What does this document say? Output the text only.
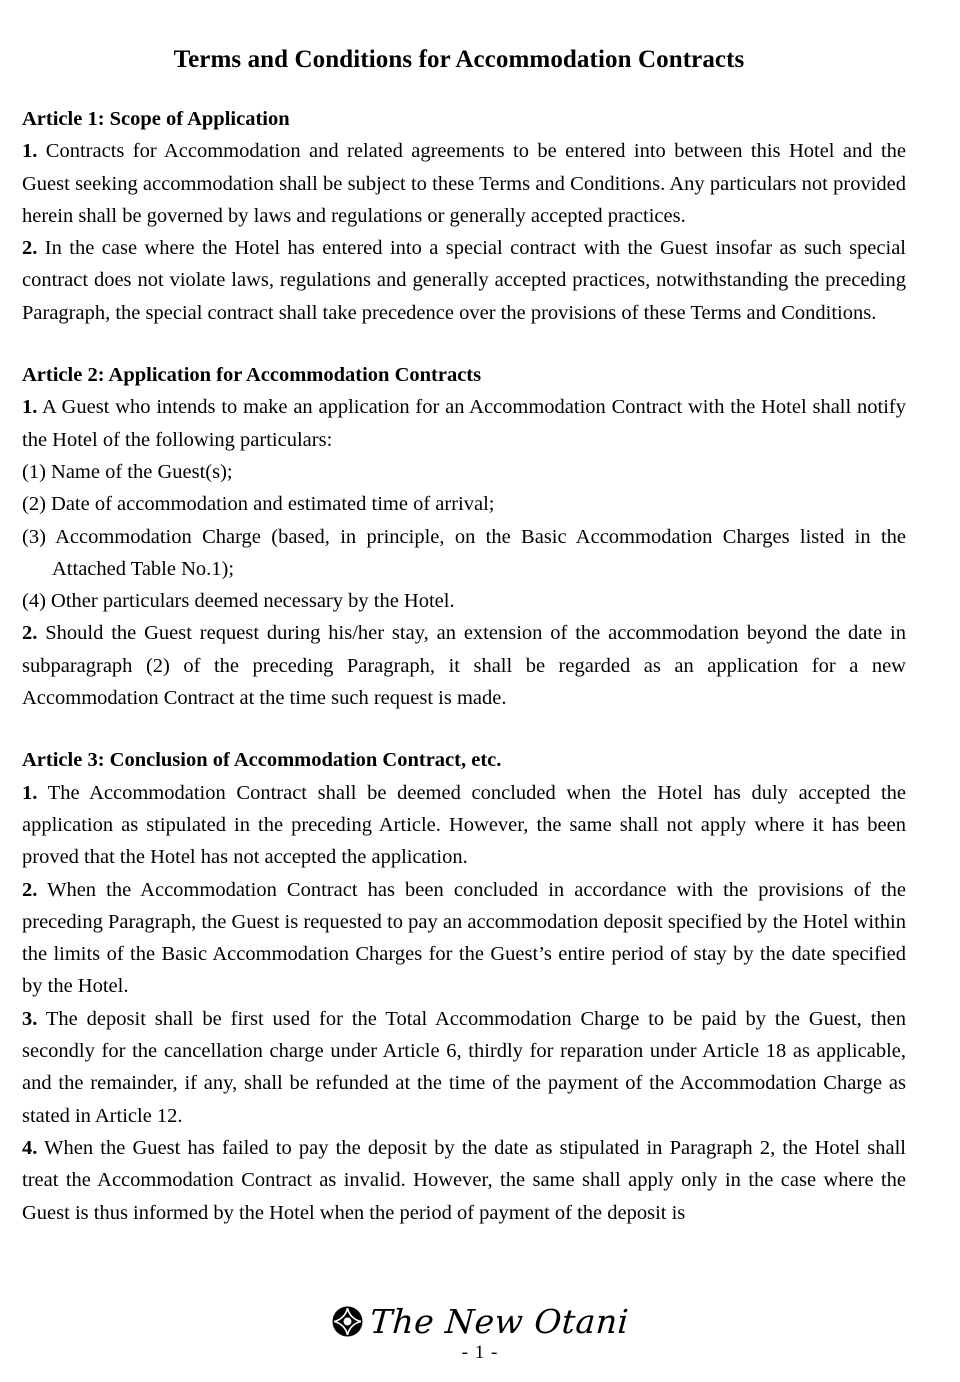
Terms and Conditions for Accommodation Contracts
Article 1: Scope of Application

1. Contracts for Accommodation and related agreements to be entered into between this Hotel and the Guest seeking accommodation shall be subject to these Terms and Conditions. Any particulars not provided herein shall be governed by laws and regulations or generally accepted practices.

2. In the case where the Hotel has entered into a special contract with the Guest insofar as such special contract does not violate laws, regulations and generally accepted practices, notwithstanding the preceding Paragraph, the special contract shall take precedence over the provisions of these Terms and Conditions.

Article 2: Application for Accommodation Contracts

1. A Guest who intends to make an application for an Accommodation Contract with the Hotel shall notify the Hotel of the following particulars:

(1) Name of the Guest(s);

(2) Date of accommodation and estimated time of arrival;

(3) Accommodation Charge (based, in principle, on the Basic Accommodation Charges listed in the Attached Table No.1);

(4) Other particulars deemed necessary by the Hotel.

2. Should the Guest request during his/her stay, an extension of the accommodation beyond the date in subparagraph (2) of the preceding Paragraph, it shall be regarded as an application for a new Accommodation Contract at the time such request is made.

Article 3: Conclusion of Accommodation Contract, etc.

1. The Accommodation Contract shall be deemed concluded when the Hotel has duly accepted the application as stipulated in the preceding Article. However, the same shall not apply where it has been proved that the Hotel has not accepted the application.

2. When the Accommodation Contract has been concluded in accordance with the provisions of the preceding Paragraph, the Guest is requested to pay an accommodation deposit specified by the Hotel within the limits of the Basic Accommodation Charges for the Guest’s entire period of stay by the date specified by the Hotel.

3. The deposit shall be first used for the Total Accommodation Charge to be paid by the Guest, then secondly for the cancellation charge under Article 6, thirdly for reparation under Article 18 as applicable, and the remainder, if any, shall be refunded at the time of the payment of the Accommodation Charge as stated in Article 12.

4. When the Guest has failed to pay the deposit by the date as stipulated in Paragraph 2, the Hotel shall treat the Accommodation Contract as invalid. However, the same shall apply only in the case where the Guest is thus informed by the Hotel when the period of payment of the deposit is

The New Otani
- 1 -
